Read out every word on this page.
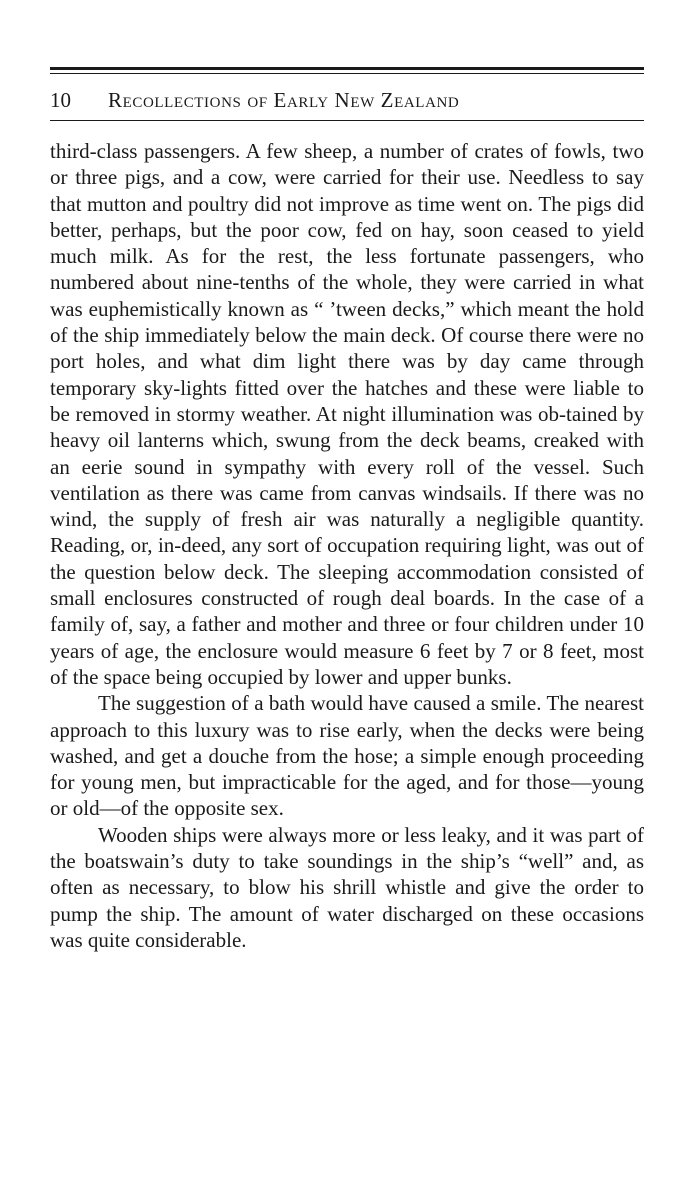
10 Recollections of Early New Zealand

third-class passengers. A few sheep, a number of crates of fowls, two or three pigs, and a cow, were carried for their use. Needless to say that mutton and poultry did not improve as time went on. The pigs did better, perhaps, but the poor cow, fed on hay, soon ceased to yield much milk. As for the rest, the less fortunate passengers, who numbered about nine-tenths of the whole, they were carried in what was euphemistically known as “ ’tween decks,” which meant the hold of the ship immediately below the main deck. Of course there were no port holes, and what dim light there was by day came through temporary sky-lights fitted over the hatches and these were liable to be removed in stormy weather. At night illumination was ob-tained by heavy oil lanterns which, swung from the deck beams, creaked with an eerie sound in sympathy with every roll of the vessel. Such ventilation as there was came from canvas windsails. If there was no wind, the supply of fresh air was naturally a negligible quantity. Reading, or, in-deed, any sort of occupation requiring light, was out of the question below deck. The sleeping accommodation consisted of small enclosures constructed of rough deal boards. In the case of a family of, say, a father and mother and three or four children under 10 years of age, the enclosure would measure 6 feet by 7 or 8 feet, most of the space being occupied by lower and upper bunks.

The suggestion of a bath would have caused a smile. The nearest approach to this luxury was to rise early, when the decks were being washed, and get a douche from the hose; a simple enough proceeding for young men, but impracticable for the aged, and for those—young or old—of the opposite sex.

Wooden ships were always more or less leaky, and it was part of the boatswain’s duty to take soundings in the ship’s “well” and, as often as necessary, to blow his shrill whistle and give the order to pump the ship. The amount of water discharged on these occasions was quite considerable.
